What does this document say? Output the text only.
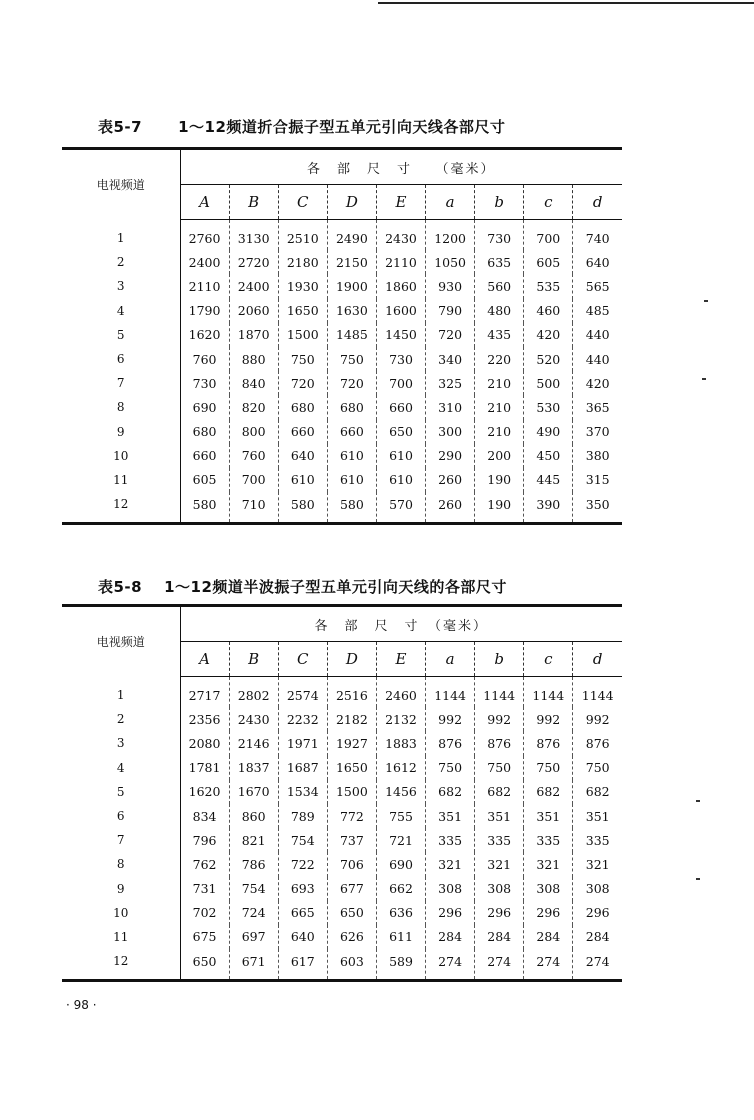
表5-7 1～12频道折合振子型五单元引向天线各部尺寸
电视频道	各　部　尺　寸　　（毫米）								
	A	B	C	D	E	a	b	c	d
1	2760	3130	2510	2490	2430	1200	730	700	740
2	2400	2720	2180	2150	2110	1050	635	605	640
3	2110	2400	1930	1900	1860	930	560	535	565
4	1790	2060	1650	1630	1600	790	480	460	485
5	1620	1870	1500	1485	1450	720	435	420	440
6	760	880	750	750	730	340	220	520	440
7	730	840	720	720	700	325	210	500	420
8	690	820	680	680	660	310	210	530	365
9	680	800	660	660	650	300	210	490	370
10	660	760	640	610	610	290	200	450	380
11	605	700	610	610	610	260	190	445	315
12	580	710	580	580	570	260	190	390	350
表5-8 1～12频道半波振子型五单元引向天线的各部尺寸
电视频道	各　部　尺　寸　（毫米）								
	A	B	C	D	E	a	b	c	d
1	2717	2802	2574	2516	2460	1144	1144	1144	1144
2	2356	2430	2232	2182	2132	992	992	992	992
3	2080	2146	1971	1927	1883	876	876	876	876
4	1781	1837	1687	1650	1612	750	750	750	750
5	1620	1670	1534	1500	1456	682	682	682	682
6	834	860	789	772	755	351	351	351	351
7	796	821	754	737	721	335	335	335	335
8	762	786	722	706	690	321	321	321	321
9	731	754	693	677	662	308	308	308	308
10	702	724	665	650	636	296	296	296	296
11	675	697	640	626	611	284	284	284	284
12	650	671	617	603	589	274	274	274	274
· 98 ·
